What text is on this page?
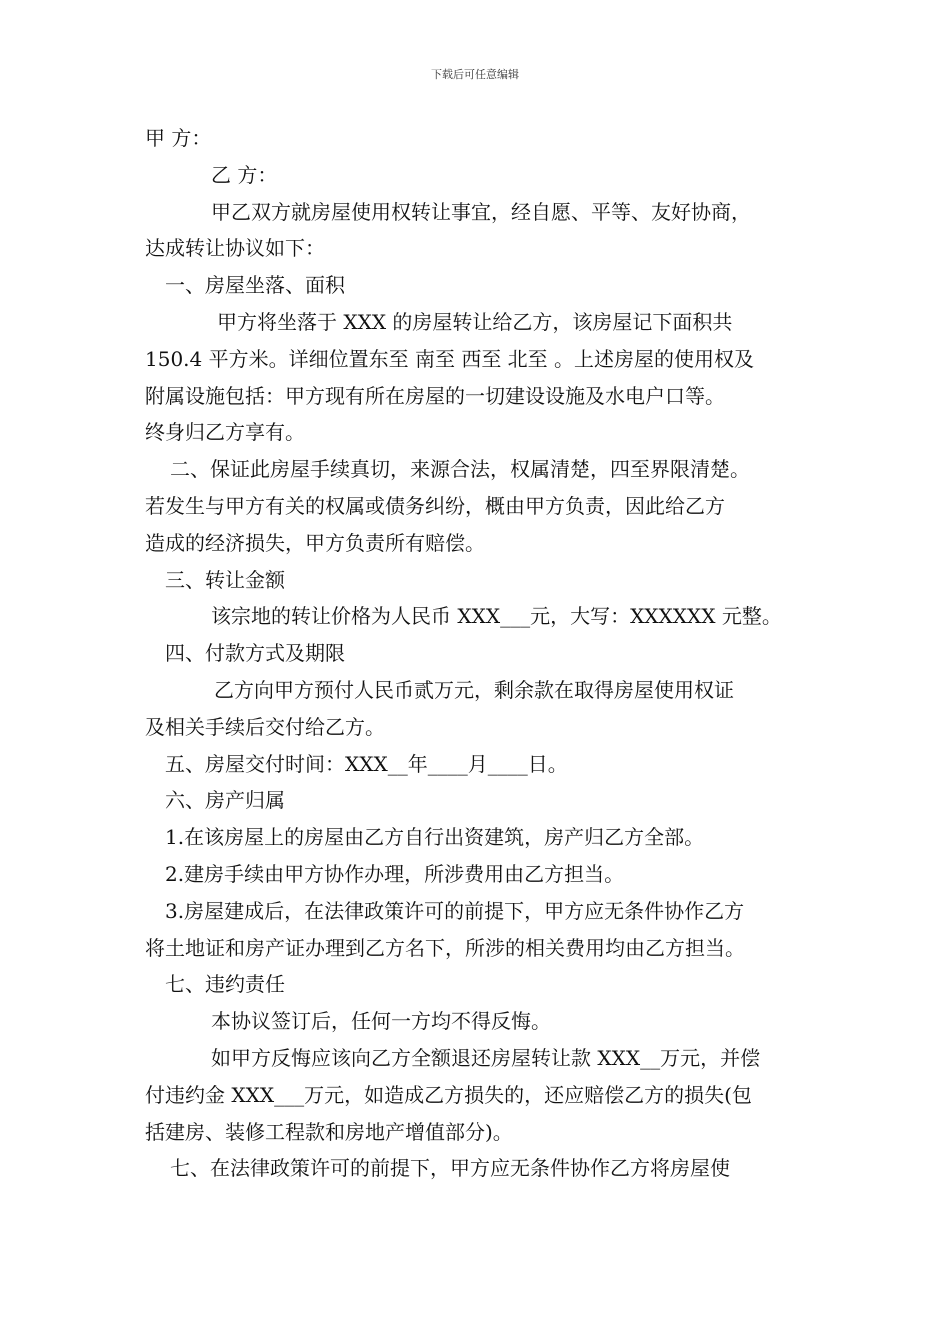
下载后可任意编辑
甲 方：
乙 方：
甲乙双方就房屋使用权转让事宜，经自愿、平等、友好协商，
达成转让协议如下：
一、房屋坐落、面积
甲方将坐落于 XXX 的房屋转让给乙方，该房屋记下面积共
150.4 平方米。详细位置东至 南至 西至 北至 。上述房屋的使用权及
附属设施包括：甲方现有所在房屋的一切建设设施及水电户口等。
终身归乙方享有。
二、保证此房屋手续真切，来源合法，权属清楚，四至界限清楚。
若发生与甲方有关的权属或债务纠纷，概由甲方负责，因此给乙方
造成的经济损失，甲方负责所有赔偿。
三、转让金额
该宗地的转让价格为人民币 XXX___元，大写：XXXXXX 元整。
四、付款方式及期限
乙方向甲方预付人民币贰万元，剩余款在取得房屋使用权证
及相关手续后交付给乙方。
五、房屋交付时间：XXX__年____月____日。
六、房产归属
1.在该房屋上的房屋由乙方自行出资建筑，房产归乙方全部。
2.建房手续由甲方协作办理，所涉费用由乙方担当。
3.房屋建成后，在法律政策许可的前提下，甲方应无条件协作乙方
将土地证和房产证办理到乙方名下，所涉的相关费用均由乙方担当。
七、违约责任
本协议签订后，任何一方均不得反悔。
如甲方反悔应该向乙方全额退还房屋转让款 XXX__万元，并偿
付违约金 XXX___万元，如造成乙方损失的，还应赔偿乙方的损失(包
括建房、装修工程款和房地产增值部分)。
七、在法律政策许可的前提下，甲方应无条件协作乙方将房屋使
